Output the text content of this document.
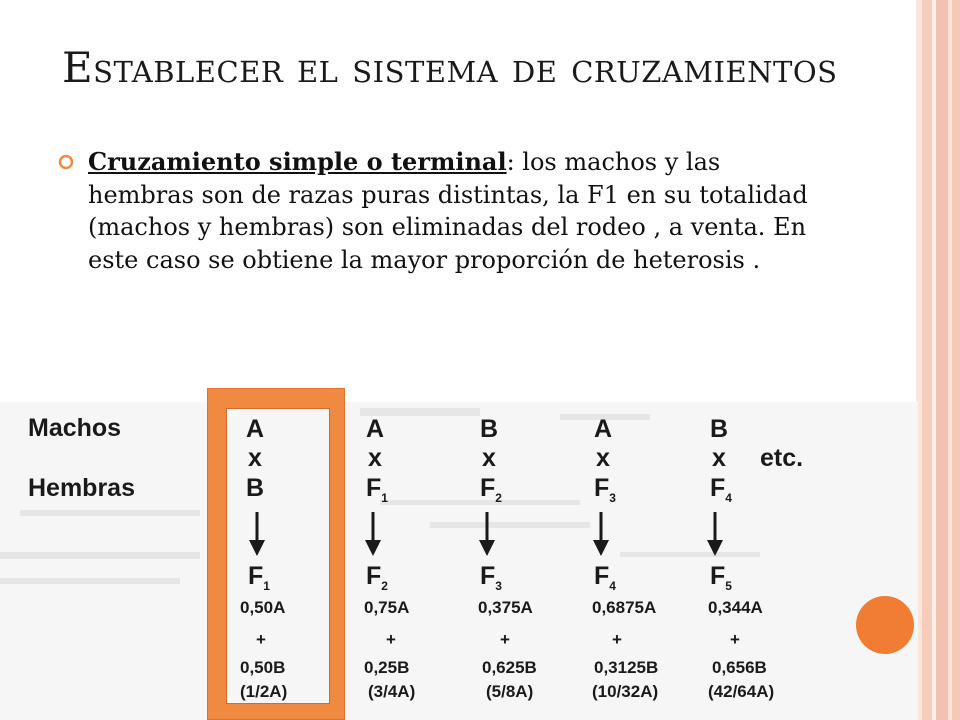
Establecer el sistema de cruzamientos
Cruzamiento simple o terminal: los machos y las hembras son de razas puras distintas, la F1 en su totalidad (machos y hembras) son eliminadas del rodeo , a venta. En este caso se obtiene la mayor proporción de heterosis .
Machos
Hembras
A
x
B
$F_1$
0,50A
+
0,50B
(1/2A)
A
x
$F_1$
$F_2$
0,75A
+
0,25B
(3/4A)
B
x
$F_2$
$F_3$
0,375A
+
0,625B
(5/8A)
A
x
$F_3$
$F_4$
0,6875A
+
0,3125B
(10/32A)
B
x etc.
$F_4$
$F_5$
0,344A
+
0,656B
(42/64A)
